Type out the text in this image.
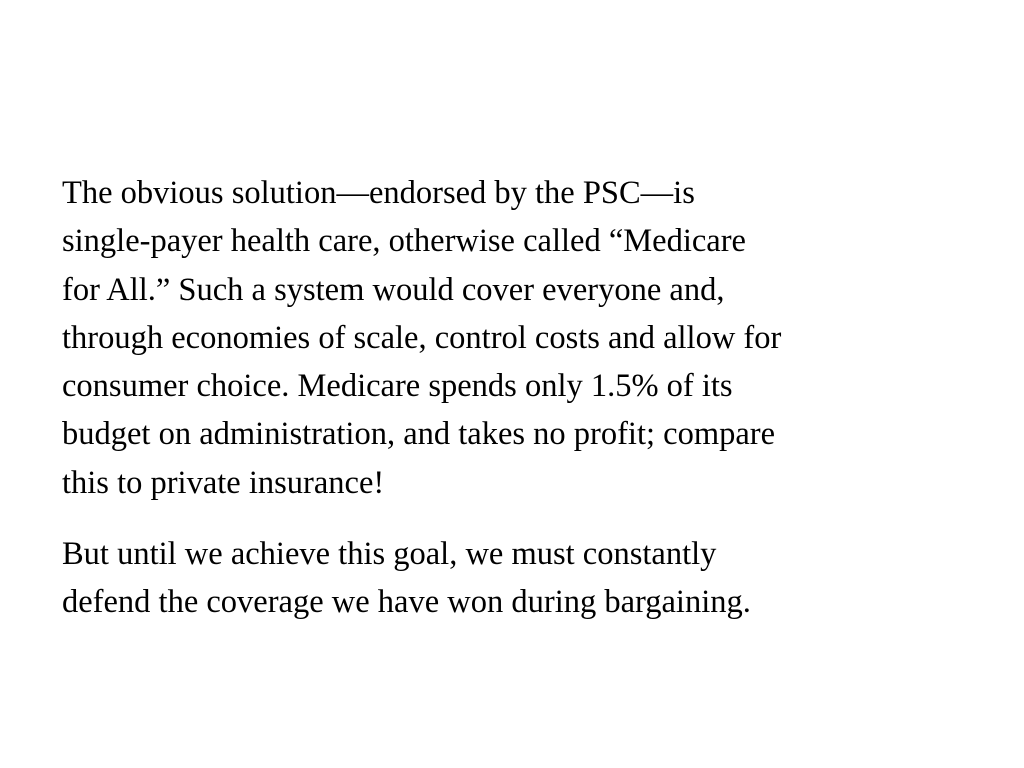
The obvious solution—endorsed by the PSC—is
single-payer health care, otherwise called “Medicare
for All.” Such a system would cover everyone and,
through economies of scale, control costs and allow for
consumer choice. Medicare spends only 1.5% of its
budget on administration, and takes no profit; compare
this to private insurance!

But until we achieve this goal, we must constantly
defend the coverage we have won during bargaining.
